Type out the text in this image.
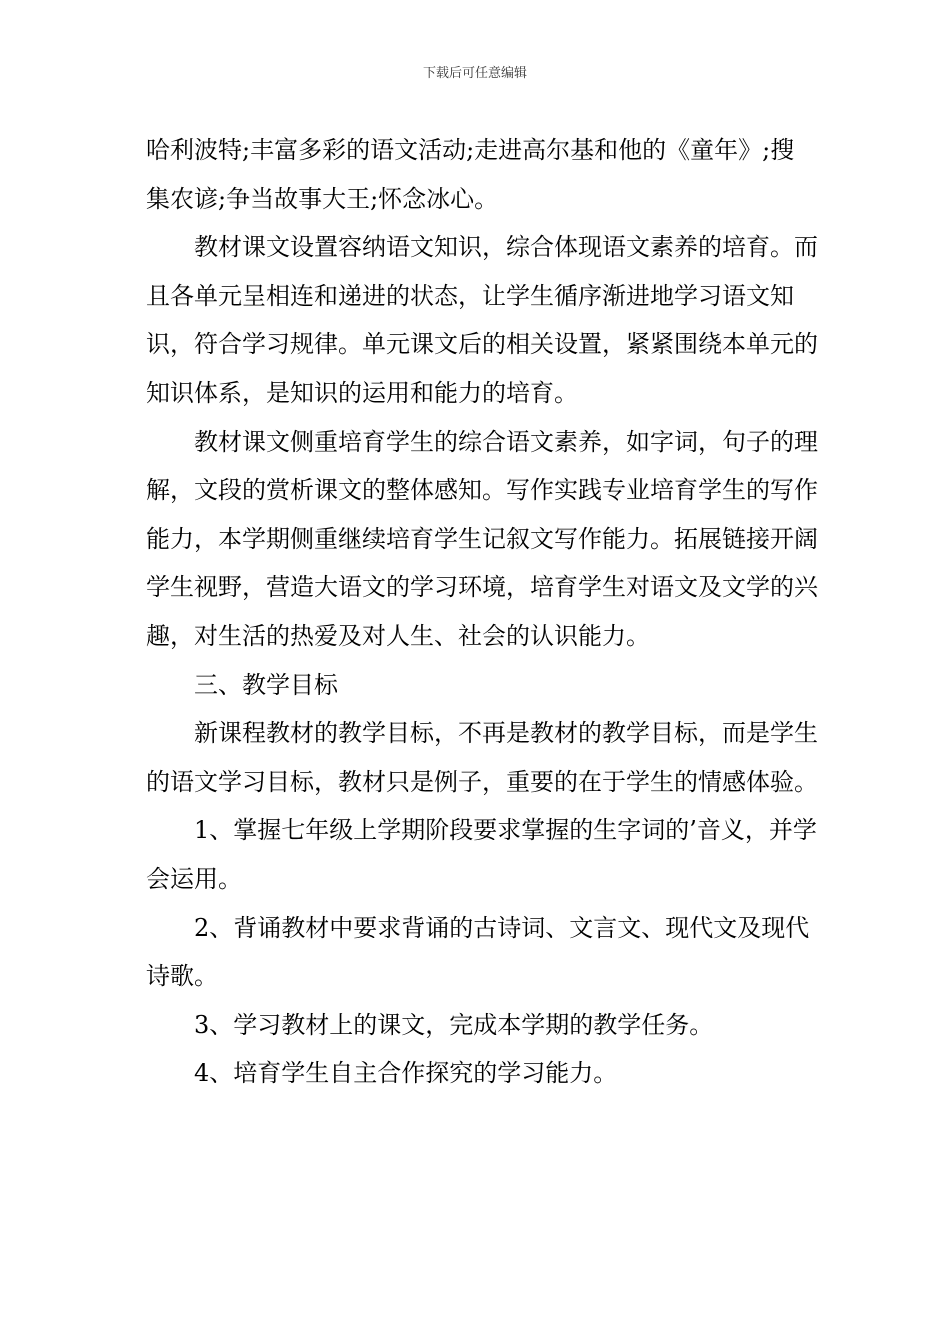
下载后可任意编辑

哈利波特;丰富多彩的语文活动;走进高尔基和他的《童年》;搜集农谚;争当故事大王;怀念冰心。

教材课文设置容纳语文知识，综合体现语文素养的培育。而且各单元呈相连和递进的状态，让学生循序渐进地学习语文知识，符合学习规律。单元课文后的相关设置，紧紧围绕本单元的知识体系，是知识的运用和能力的培育。

教材课文侧重培育学生的综合语文素养，如字词，句子的理解，文段的赏析课文的整体感知。写作实践专业培育学生的写作能力，本学期侧重继续培育学生记叙文写作能力。拓展链接开阔学生视野，营造大语文的学习环境，培育学生对语文及文学的兴趣，对生活的热爱及对人生、社会的认识能力。

三、教学目标

新课程教材的教学目标，不再是教材的教学目标，而是学生的语文学习目标，教材只是例子，重要的在于学生的情感体验。

1、掌握七年级上学期阶段要求掌握的生字词的’音义，并学会运用。

2、背诵教材中要求背诵的古诗词、文言文、现代文及现代诗歌。

3、学习教材上的课文，完成本学期的教学任务。

4、培育学生自主合作探究的学习能力。
